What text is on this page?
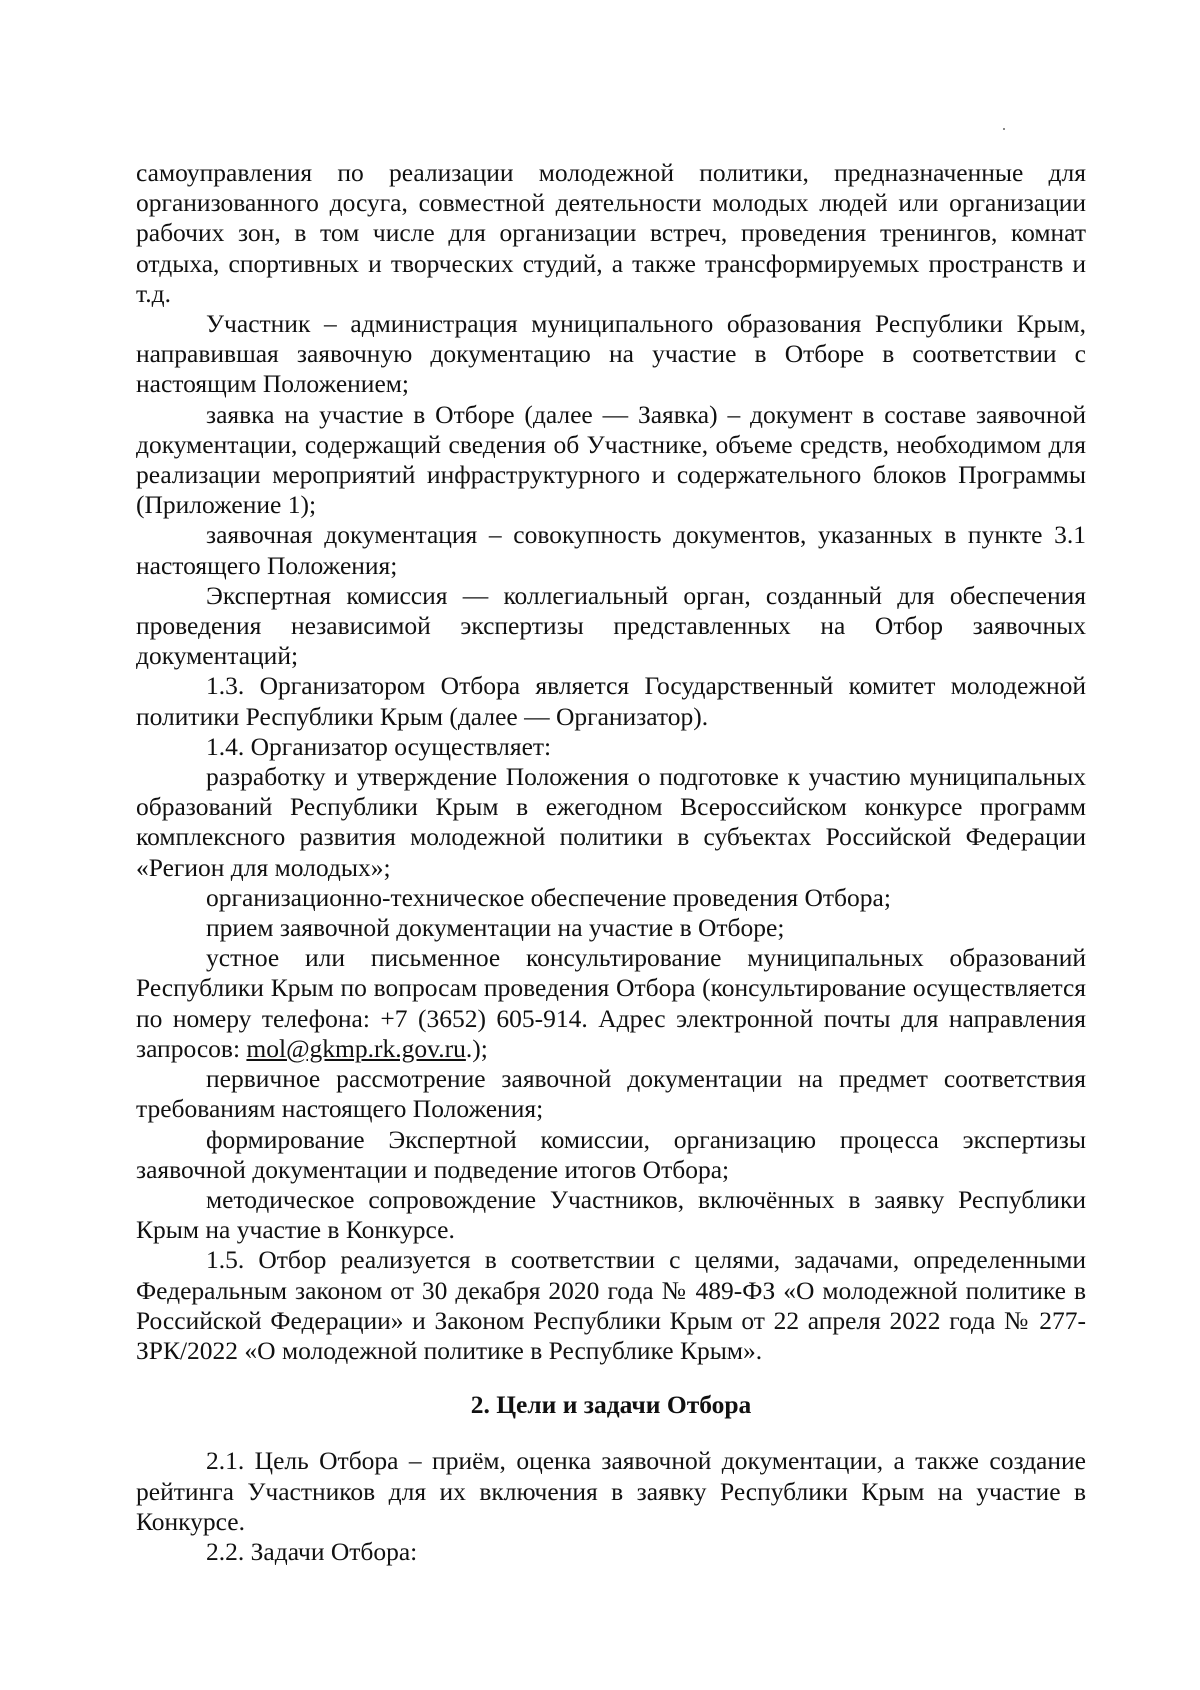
самоуправления по реализации молодежной политики, предназначенные для организованного досуга, совместной деятельности молодых людей или организации рабочих зон, в том числе для организации встреч, проведения тренингов, комнат отдыха, спортивных и творческих студий, а также трансформируемых пространств и т.д.

Участник – администрация муниципального образования Республики Крым, направившая заявочную документацию на участие в Отборе в соответствии с настоящим Положением;

заявка на участие в Отборе (далее — Заявка) – документ в составе заявочной документации, содержащий сведения об Участнике, объеме средств, необходимом для реализации мероприятий инфраструктурного и содержательного блоков Программы (Приложение 1);

заявочная документация – совокупность документов, указанных в пункте 3.1 настоящего Положения;

Экспертная комиссия — коллегиальный орган, созданный для обеспечения проведения независимой экспертизы представленных на Отбор заявочных документаций;

1.3. Организатором Отбора является Государственный комитет молодежной политики Республики Крым (далее — Организатор).

1.4. Организатор осуществляет:

разработку и утверждение Положения о подготовке к участию муниципальных образований Республики Крым в ежегодном Всероссийском конкурсе программ комплексного развития молодежной политики в субъектах Российской Федерации «Регион для молодых»;

организационно-техническое обеспечение проведения Отбора;

прием заявочной документации на участие в Отборе;

устное или письменное консультирование муниципальных образований Республики Крым по вопросам проведения Отбора (консультирование осуществляется по номеру телефона: +7 (3652) 605-914. Адрес электронной почты для направления запросов: mol@gkmp.rk.gov.ru.);

первичное рассмотрение заявочной документации на предмет соответствия требованиям настоящего Положения;

формирование Экспертной комиссии, организацию процесса экспертизы заявочной документации и подведение итогов Отбора;

методическое сопровождение Участников, включённых в заявку Республики Крым на участие в Конкурсе.

1.5. Отбор реализуется в соответствии с целями, задачами, определенными Федеральным законом от 30 декабря 2020 года № 489-ФЗ «О молодежной политике в Российской Федерации» и Законом Республики Крым от 22 апреля 2022 года № 277-ЗРК/2022 «О молодежной политике в Республике Крым».

2. Цели и задачи Отбора

2.1. Цель Отбора – приём, оценка заявочной документации, а также создание рейтинга Участников для их включения в заявку Республики Крым на участие в Конкурсе.

2.2. Задачи Отбора:
